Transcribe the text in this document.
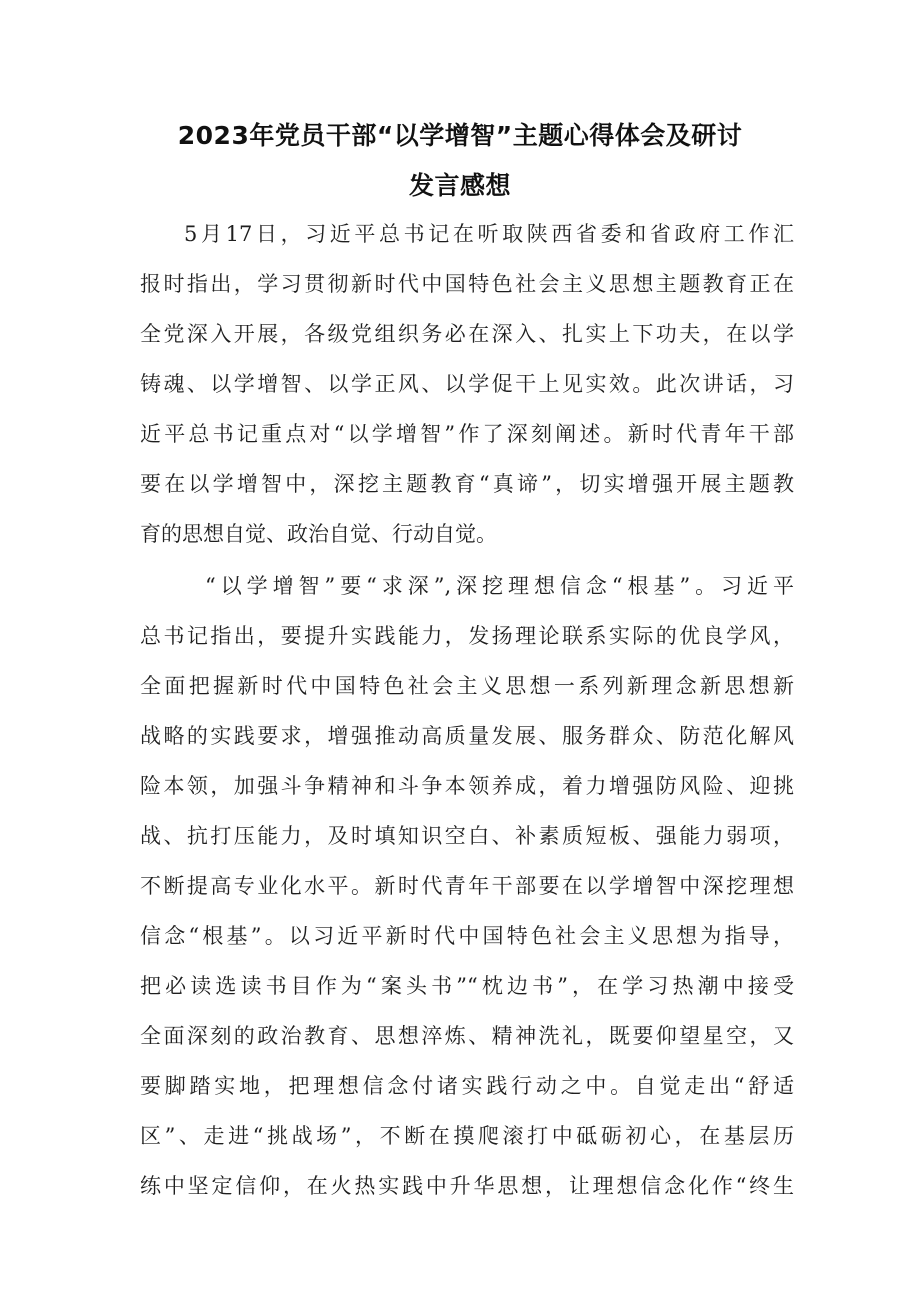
2023年党员干部“以学增智”主题心得体会及研讨
发言感想
5月17日，习近平总书记在听取陕西省委和省政府工作汇
报时指出，学习贯彻新时代中国特色社会主义思想主题教育正在
全党深入开展，各级党组织务必在深入、扎实上下功夫，在以学
铸魂、以学增智、以学正风、以学促干上见实效。此次讲话，习
近平总书记重点对“以学增智”作了深刻阐述。新时代青年干部
要在以学增智中，深挖主题教育“真谛”，切实增强开展主题教
育的思想自觉、政治自觉、行动自觉。
“以学增智”要“求深”,深挖理想信念“根基”。习近平
总书记指出，要提升实践能力，发扬理论联系实际的优良学风，
全面把握新时代中国特色社会主义思想一系列新理念新思想新
战略的实践要求，增强推动高质量发展、服务群众、防范化解风
险本领，加强斗争精神和斗争本领养成，着力增强防风险、迎挑
战、抗打压能力，及时填知识空白、补素质短板、强能力弱项，
不断提高专业化水平。新时代青年干部要在以学增智中深挖理想
信念“根基”。以习近平新时代中国特色社会主义思想为指导，
把必读选读书目作为“案头书”“枕边书”，在学习热潮中接受
全面深刻的政治教育、思想淬炼、精神洗礼，既要仰望星空，又
要脚踏实地，把理想信念付诸实践行动之中。自觉走出“舒适
区”、走进“挑战场”，不断在摸爬滚打中砥砺初心，在基层历
练中坚定信仰，在火热实践中升华思想，让理想信念化作“终生
